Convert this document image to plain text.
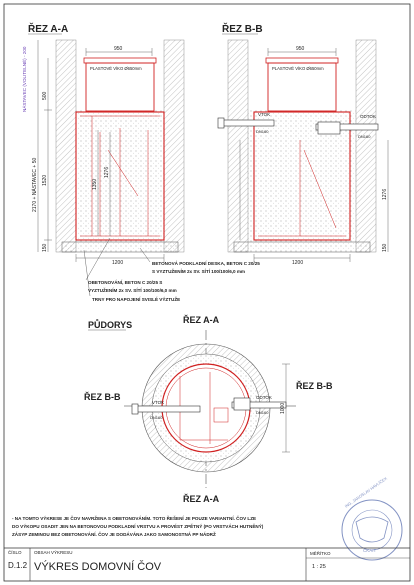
ŘEZ A-A
950
PLASTOVÉ VÍKO Ø650mm
500
1520
150
1350
1276
2170 + NÁSTAVEC + 50
NÁSTAVEC (VOLITELNÉ) - 200
1200
ŘEZ B-B
950
PLASTOVÉ VÍKO Ø650mm
VTOK
DN160
ODTOK
DN160
1276
150
1200
BETONOVÁ PODKLADNÍ DESKA, BETON C 20/25
S VYZTUŽENÍM 2x SV. SÍTÍ 100/100/6,0 mm
OBETONOVÁNÍ, BETON C 20/25 S
VYZTUŽENÍM 2x SV. SÍTÍ 100/100/6,0 mm
TRNY PRO NAPOJENÍ SVISLÉ VÝZTUŽE
PŮDORYS	ŘEZ A-A
ŘEZ A-A
ŘEZ B-B
ŘEZ B-B
VTOK
DN160
ODTOK
DN160 1000
- NA TOMTO VÝKRESE JE ČOV NAVRŽENA S OBETONOVÁNÍM. TOTO ŘEŠENÍ JE POUZE VARIANTNÍ. ČOV LZE
DO VÝKOPU OSADIT JEN NA BETONOVOU PODKLADNÍ VRSTVU A PROVÉST ZPĚTNÝ (PO VRSTVÁCH HUTNĚNÝ)
ZÁSYP ZEMINOU BEZ OBETONOVÁNÍ. ČOV JE DODÁVÁNA JAKO SAMONOSTNÁ PP NÁDRŽ
ING. JAROSLAV HAVLÍČEK
ČKAIT
ČÍSLO
D.1.2
OBSAH VÝKRESU
VÝKRES DOMOVNÍ ČOV
MĚŘÍTKO
1 : 25
